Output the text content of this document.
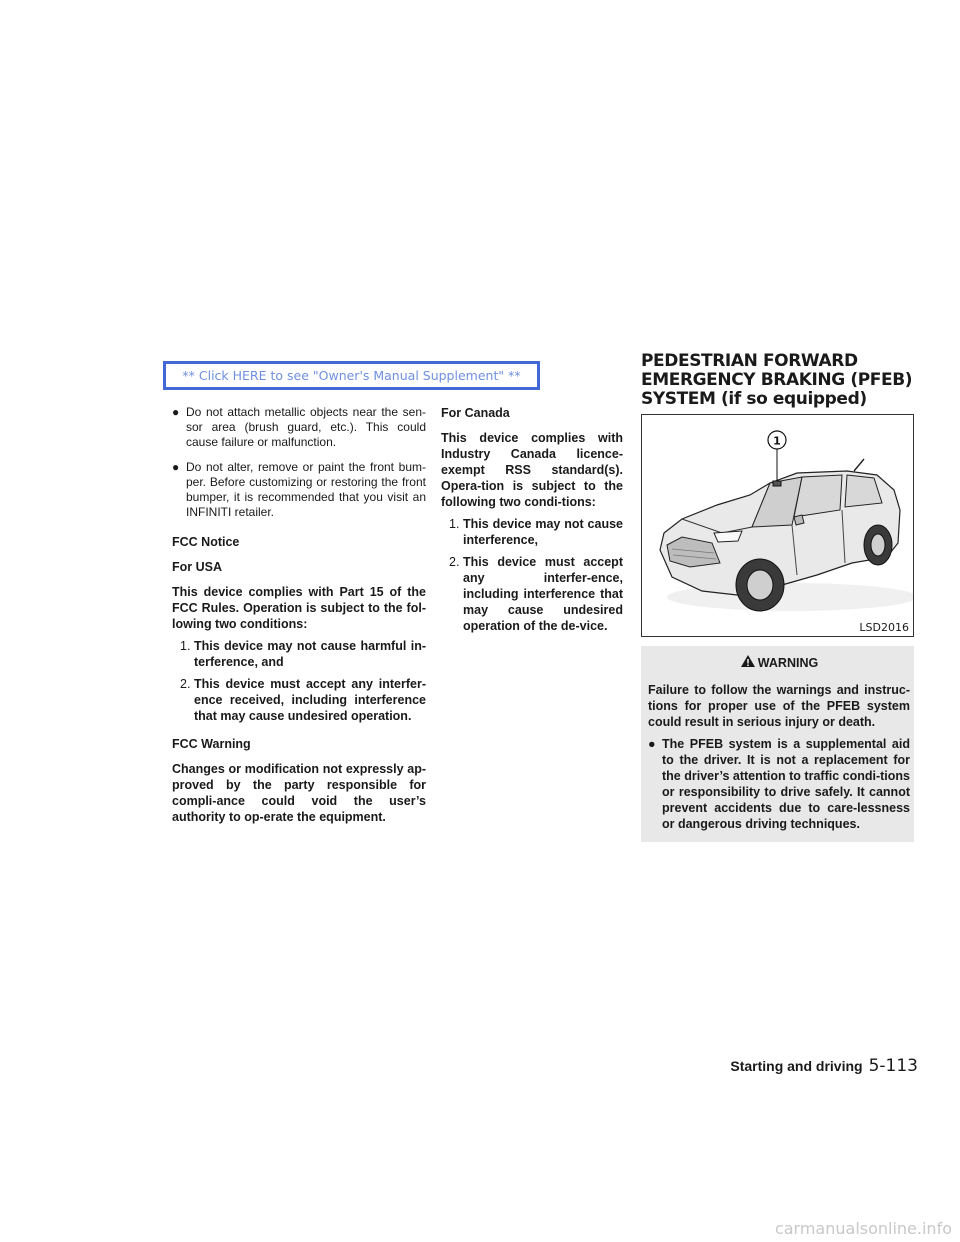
** Click HERE to see "Owner's Manual Supplement" **
● Do not attach metallic objects near the sen-sor area (brush guard, etc.). This could cause failure or malfunction.
● Do not alter, remove or paint the front bum-per. Before customizing or restoring the front bumper, it is recommended that you visit an INFINITI retailer.
FCC Notice
For USA
This device complies with Part 15 of the FCC Rules. Operation is subject to the fol-lowing two conditions:
1. This device may not cause harmful in-terference, and
2. This device must accept any interfer-ence received, including interference that may cause undesired operation.
FCC Warning
Changes or modification not expressly ap-proved by the party responsible for compli-ance could void the user’s authority to op-erate the equipment.
For Canada
This device complies with Industry Canada licence-exempt RSS standard(s). Opera-tion is subject to the following two condi-tions:
1. This device may not cause interference,
2. This device must accept any interfer-ence, including interference that may cause undesired operation of the de-vice.
PEDESTRIAN FORWARD
EMERGENCY BRAKING (PFEB)
SYSTEM (if so equipped)
1
LSD2016
WARNING
Failure to follow the warnings and instruc-tions for proper use of the PFEB system could result in serious injury or death.
● The PFEB system is a supplemental aid to the driver. It is not a replacement for the driver’s attention to traffic condi-tions or responsibility to drive safely. It cannot prevent accidents due to care-lessness or dangerous driving techniques.
Starting and driving 5-113
carmanualsonline.info
